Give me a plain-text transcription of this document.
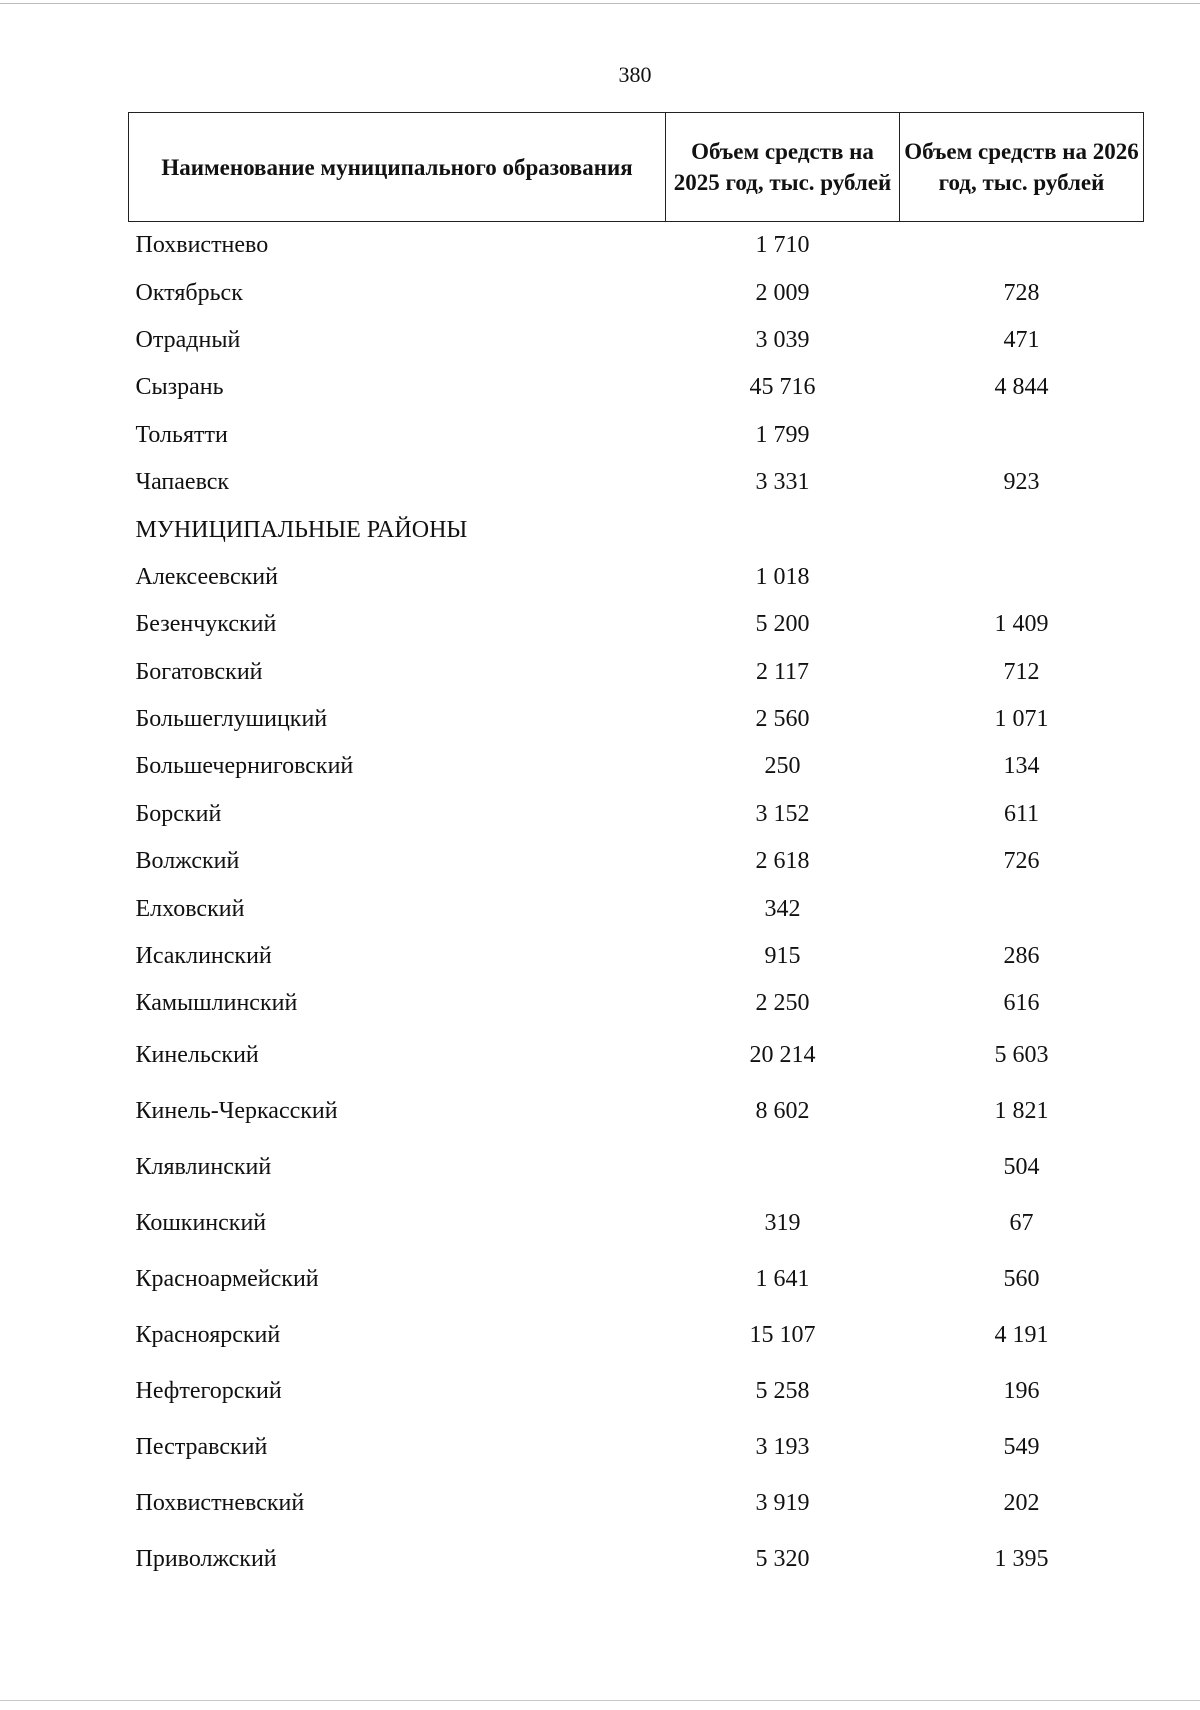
380
Наименование муниципального образования	Объем средств на 2025 год, тыс. рублей	Объем средств на 2026 год, тыс. рублей
Похвистнево	1 710	
Октябрьск	2 009	728
Отрадный	3 039	471
Сызрань	45 716	4 844
Тольятти	1 799	
Чапаевск	3 331	923
МУНИЦИПАЛЬНЫЕ РАЙОНЫ		
Алексеевский	1 018	
Безенчукский	5 200	1 409
Богатовский	2 117	712
Большеглушицкий	2 560	1 071
Большечерниговский	250	134
Борский	3 152	611
Волжский	2 618	726
Елховский	342	
Исаклинский	915	286
Камышлинский	2 250	616
Кинельский	20 214	5 603
Кинель-Черкасский	8 602	1 821
Клявлинский		504
Кошкинский	319	67
Красноармейский	1 641	560
Красноярский	15 107	4 191
Нефтегорский	5 258	196
Пестравский	3 193	549
Похвистневский	3 919	202
Приволжский	5 320	1 395
